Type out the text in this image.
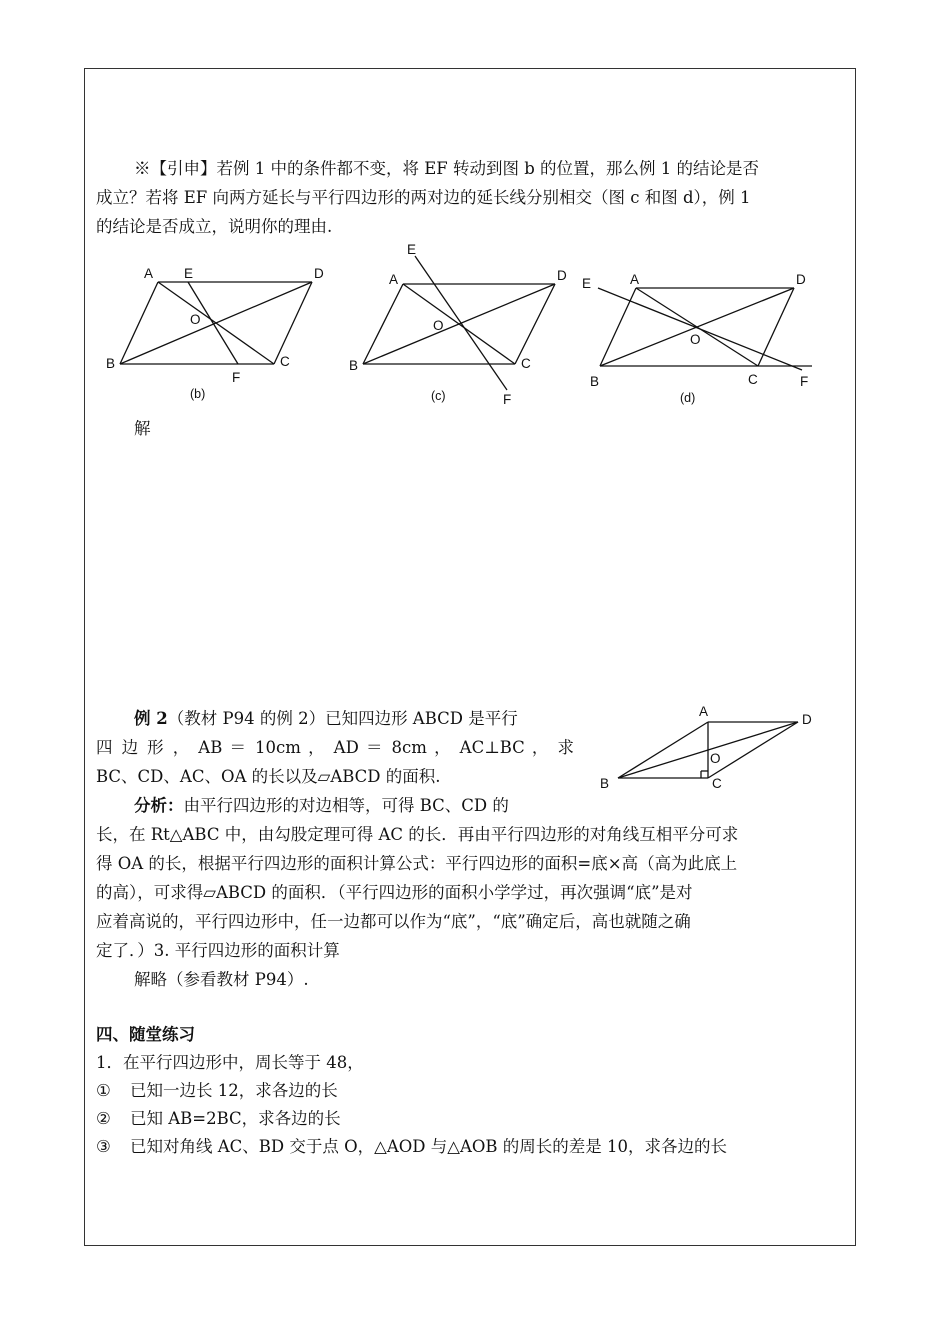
※【引申】若例 1 中的条件都不变，将 EF 转动到图 b 的位置，那么例 1 的结论是否
成立？若将 EF 向两方延长与平行四边形的两对边的延长线分别相交（图 c 和图 d），例 1
的结论是否成立，说明你的理由.
A E	D
B	C
F
O
(b)
A
E
D
B	C
F
O
(c)
A
E	D
B	C	F
O
(d)
解
例 2（教材 P94 的例 2）已知四边形 ABCD 是平行
四 边 形 ， AB ＝ 10cm ， AD ＝ 8cm ， AC⊥BC ， 求
BC、CD、AC、OA 的长以及▱ABCD 的面积.
A
D
B	C
O
分析：由平行四边形的对边相等，可得 BC、CD 的
长，在 Rt△ABC 中，由勾股定理可得 AC 的长．再由平行四边形的对角线互相平分可求
得 OA 的长，根据平行四边形的面积计算公式：平行四边形的面积=底×高（高为此底上
的高），可求得▱ABCD 的面积．（平行四边形的面积小学学过，再次强调“底”是对
应着高说的，平行四边形中，任一边都可以作为“底”，“底”确定后，高也就随之确
定了．）3. 平行四边形的面积计算
解略（参看教材 P94）.
四、随堂练习
1．在平行四边形中，周长等于 48，
① 已知一边长 12，求各边的长
② 已知 AB=2BC，求各边的长
③ 已知对角线 AC、BD 交于点 O，△AOD 与△AOB 的周长的差是 10，求各边的长
